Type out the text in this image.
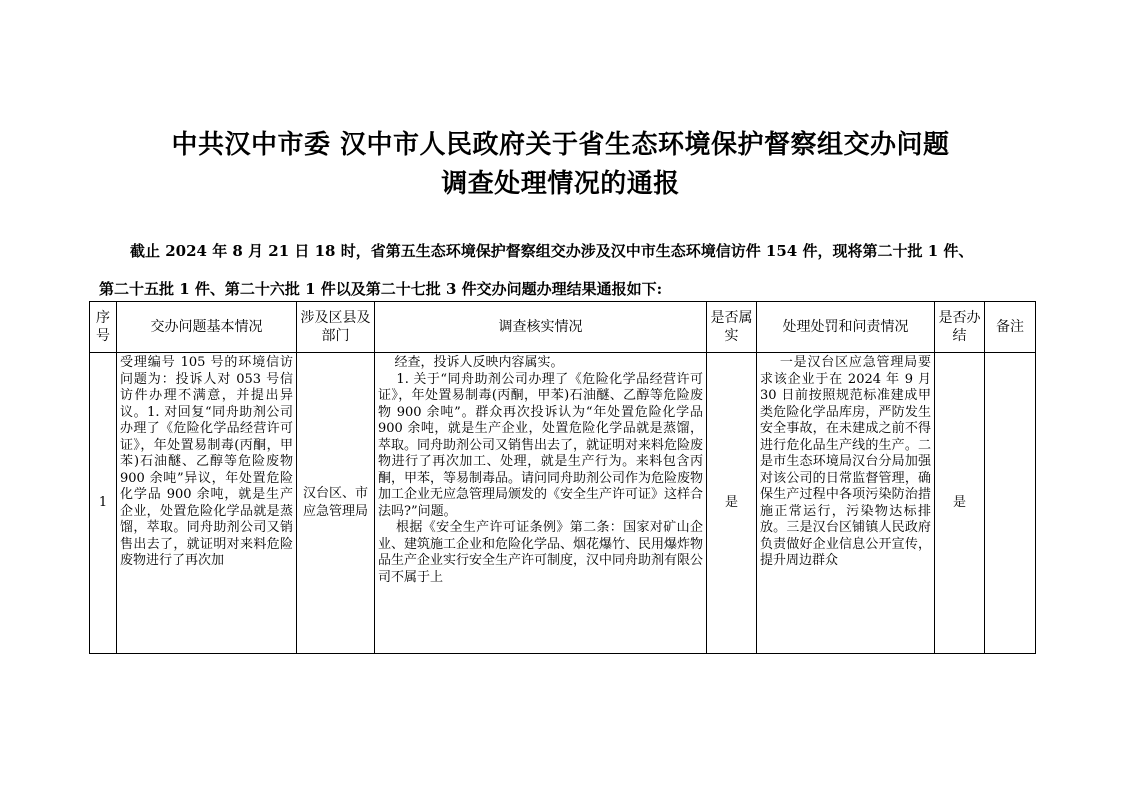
中共汉中市委 汉中市人民政府关于省生态环境保护督察组交办问题
调查处理情况的通报
截止 2024 年 8 月 21 日 18 时，省第五生态环境保护督察组交办涉及汉中市生态环境信访件 154 件，现将第二十批 1 件、
第二十五批 1 件、第二十六批 1 件以及第二十七批 3 件交办问题办理结果通报如下:
序号	交办问题基本情况	涉及区县及部门	调查核实情况	是否属实	处理处罚和问责情况	是否办结	备注
1	受理编号 105 号的环境信访问题为：投诉人对 053 号信访件办理不满意，并提出异议。1. 对回复“同舟助剂公司办理了《危险化学品经营许可证》，年处置易制毒(丙酮，甲苯)石油醚、乙醇等危险废物 900 余吨”异议，年处置危险化学品 900 余吨，就是生产企业，处置危险化学品就是蒸馏，萃取。同舟助剂公司又销售出去了，就证明对来料危险废物进行了再次加	汉台区、市应急管理局	经查，投诉人反映内容属实。
1. 关于“同舟助剂公司办理了《危险化学品经营许可证》，年处置易制毒(丙酮，甲苯)石油醚、乙醇等危险废物 900 余吨”。群众再次投诉认为“年处置危险化学品 900 余吨，就是生产企业，处置危险化学品就是蒸馏，萃取。同舟助剂公司又销售出去了，就证明对来料危险废物进行了再次加工、处理，就是生产行为。来料包含丙酮，甲苯，等易制毒品。请问同舟助剂公司作为危险废物加工企业无应急管理局颁发的《安全生产许可证》这样合法吗?”问题。
根据《安全生产许可证条例》第二条：国家对矿山企业、建筑施工企业和危险化学品、烟花爆竹、民用爆炸物品生产企业实行安全生产许可制度，汉中同舟助剂有限公司不属于上	是	一是汉台区应急管理局要求该企业于在 2024 年 9 月 30 日前按照规范标准建成甲类危险化学品库房，严防发生安全事故，在未建成之前不得进行危化品生产线的生产。二是市生态环境局汉台分局加强对该公司的日常监督管理，确保生产过程中各项污染防治措施正常运行，污染物达标排放。三是汉台区铺镇人民政府负责做好企业信息公开宣传，提升周边群众	是	
